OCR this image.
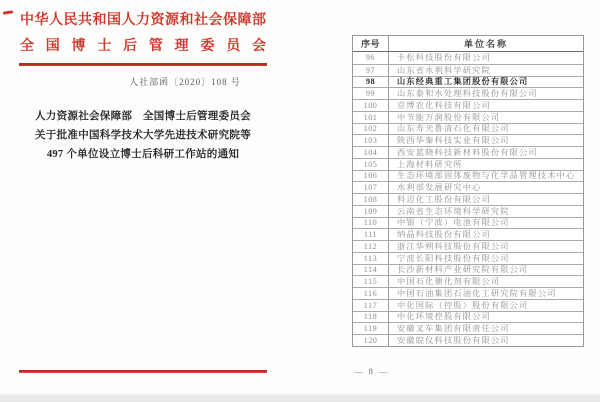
中华人民共和国人力资源和社会保障部
全国博士后管理委员会
人社部函〔2020〕108 号
人力资源社会保障部　全国博士后管理委员会
关于批准中国科学技术大学先进技术研究院等
497 个单位设立博士后科研工作站的通知
序号	单位名称
96	卡松科技股份有限公司
97	山东省水利科学研究院
98	山东经典重工集团股份有限公司
99	山东泰和水处理科技股份有限公司
100	京博农化科技有限公司
101	中节能万润股份有限公司
102	山东寿光鲁清石化有限公司
103	陕西华秦科技实业有限公司
104	西安蓝晓科技新材料股份有限公司
105	上海材料研究所
106	生态环境部固体废物与化学品管理技术中心
107	水利部发展研究中心
108	科迈化工股份有限公司
109	云南省生态环境科学研究院
110	中银（宁波）电池有限公司
111	纳晶科技股份有限公司
112	浙江华朔科技股份有限公司
113	宁波长阳科技股份有限公司
114	长沙新材料产业研究院有限公司
115	中国石化催化剂有限公司
116	中国石油集团石油化工研究院有限公司
117	中化国际（控股）股份有限公司
118	中化环境控股有限公司
119	安徽叉车集团有限责任公司
120	安徽皖仪科技股份有限公司
— 8 —
